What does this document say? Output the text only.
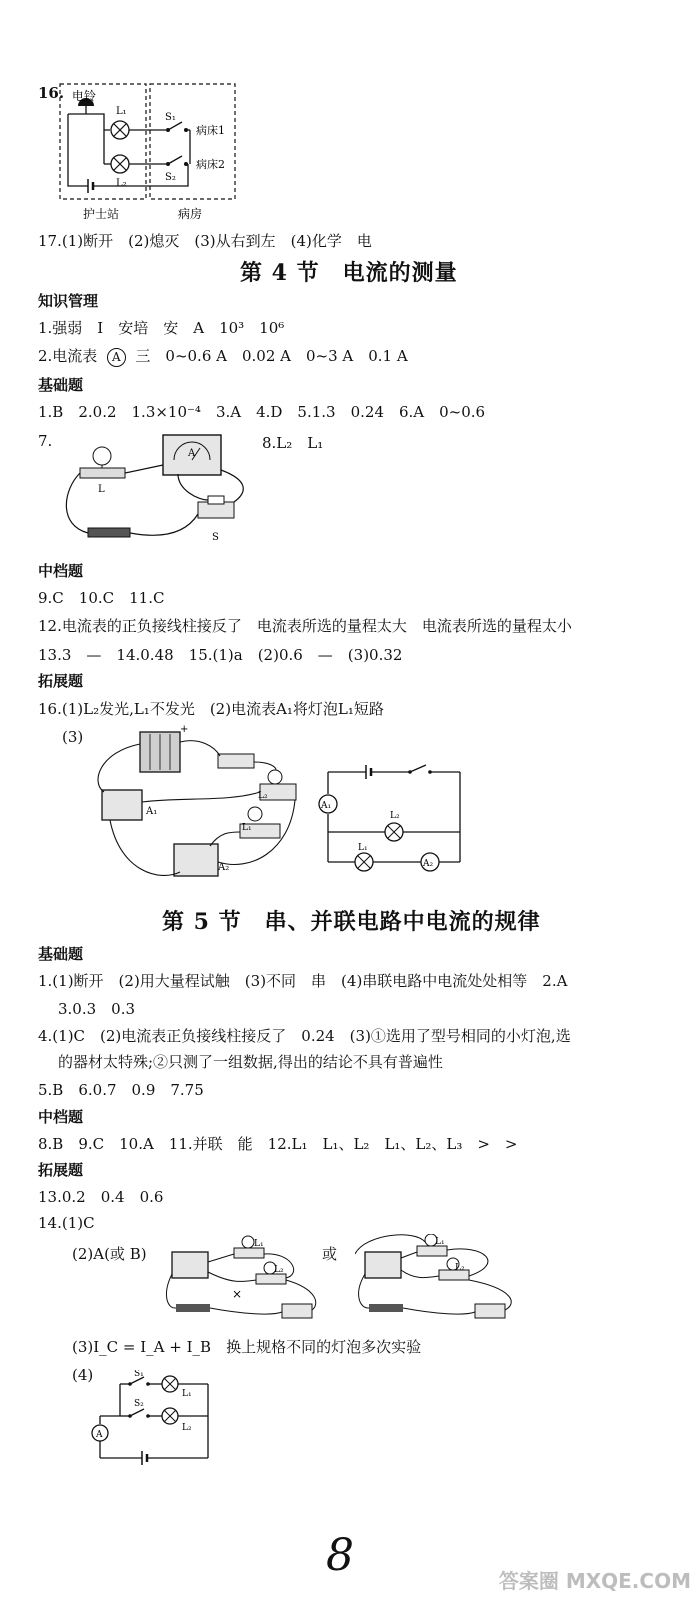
16. 电铃
L₁
L₂
S₁
S₂
病床1
病床2
护士站	病房
17.(1)断开　(2)熄灭　(3)从右到左　(4)化学　电
第 4 节　电流的测量
知识管理
1.强弱　I　安培　安　A　10³　10⁶
2.电流表 A 三　0~0.6 A　0.02 A　0~3 A　0.1 A
基础题
1.B　2.0.2　1.3×10⁻⁴　3.A　4.D　5.1.3　0.24　6.A　0~0.6
7.	8.L₂　L₁
L
A
S
中档题
9.C　10.C　11.C
12.电流表的正负接线柱接反了　电流表所选的量程太大　电流表所选的量程太小
13.3　—　14.0.48　15.(1)a　(2)0.6　—　(3)0.32
拓展题
16.(1)L₂发光,L₁不发光　(2)电流表A₁将灯泡L₁短路
(3)	+
A₁
A₂
L₂
L₁
A₁
A₂
L₂
L₁
第 5 节　串、并联电路中电流的规律
基础题
1.(1)断开　(2)用大量程试触　(3)不同　串　(4)串联电路中电流处处相等　2.A
3.0.3　0.3
4.(1)C　(2)电流表正负接线柱接反了　0.24　(3)①选用了型号相同的小灯泡,选
的器材太特殊;②只测了一组数据,得出的结论不具有普遍性
5.B　6.0.7　0.9　7.75
中档题
8.B　9.C　10.A　11.并联　能　12.L₁　L₁、L₂　L₁、L₂、L₃　>　>
拓展题
13.0.2　0.4　0.6
14.(1)C
(2)A(或 B)	或
×
L₁
L₂
L₁
L₂
(3)I_C = I_A + I_B　换上规格不同的灯泡多次实验
(4)	S₁
S₂
L₁
L₂
A
8	答案圈 MXQE.COM
